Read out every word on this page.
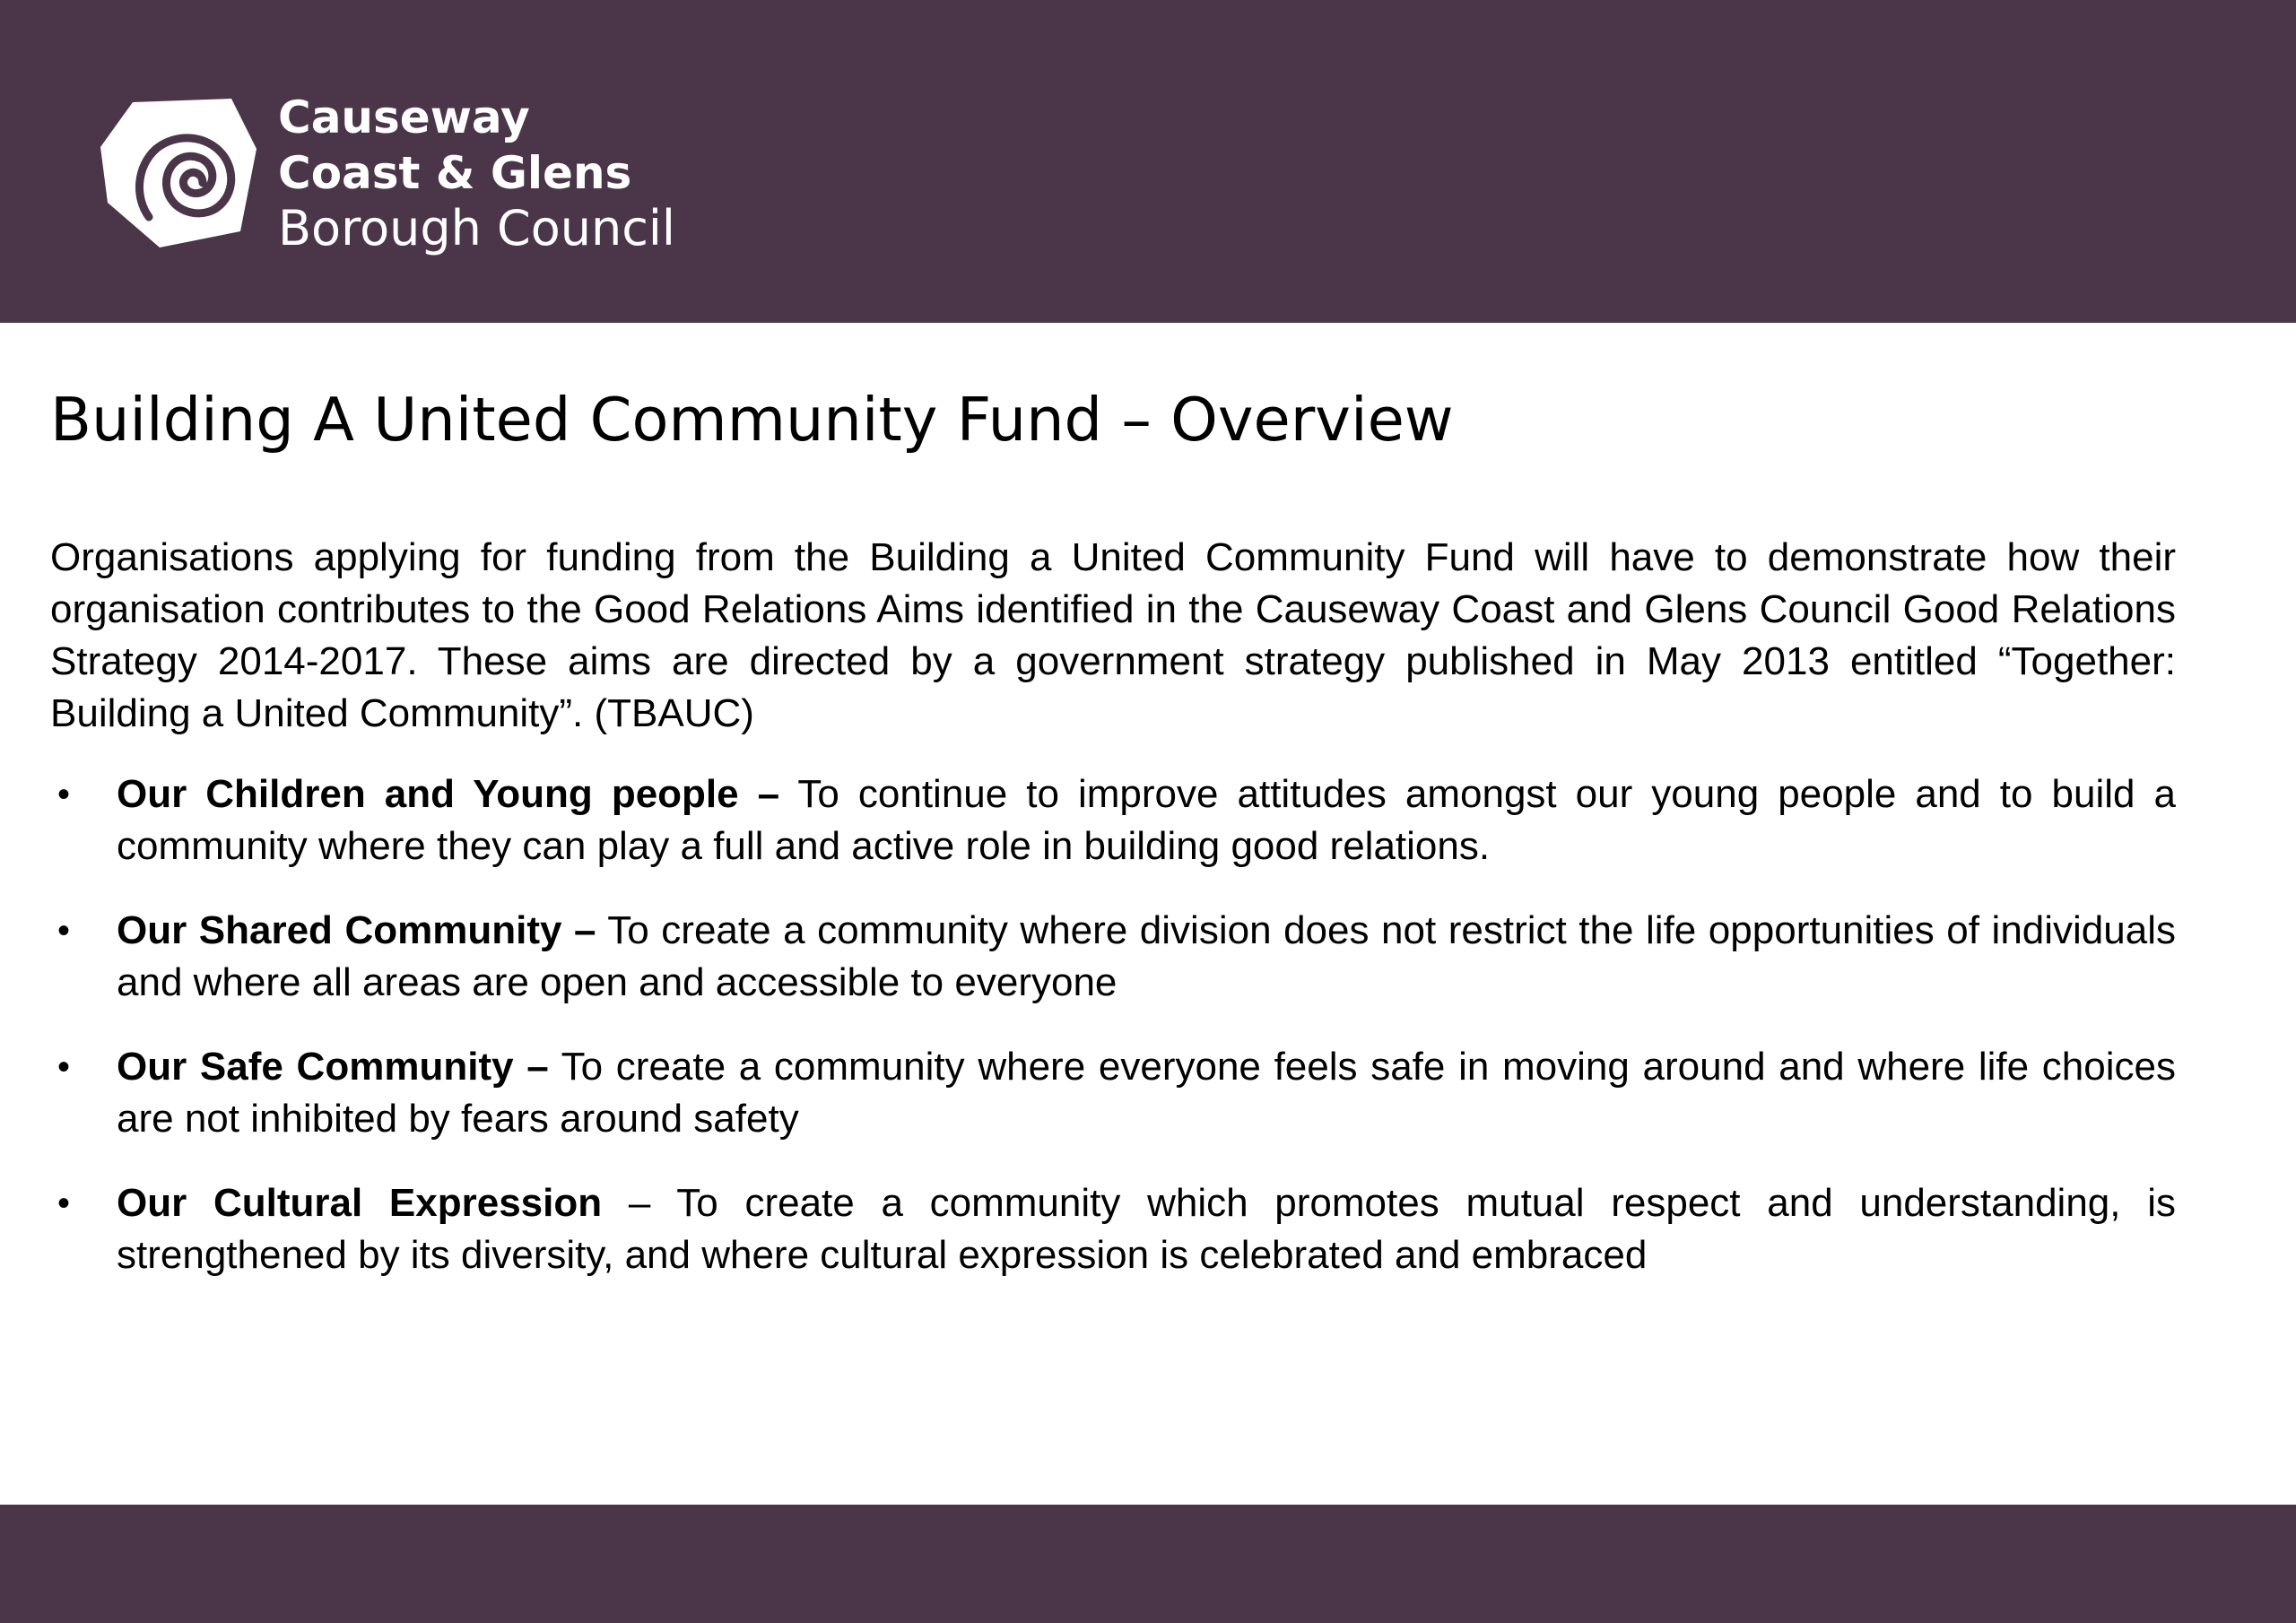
Causeway
Coast & Glens
Borough Council
Building A United Community Fund – Overview

Organisations applying for funding from the Building a United Community Fund will have to demonstrate how their organisation contributes to the Good Relations Aims identified in the Causeway Coast and Glens Council Good Relations Strategy 2014-2017. These aims are directed by a government strategy published in May 2013 entitled “Together: Building a United Community”. (TBAUC)

• Our Children and Young people – To continue to improve attitudes amongst our young people and to build a community where they can play a full and active role in building good relations.
• Our Shared Community – To create a community where division does not restrict the life opportunities of individuals and where all areas are open and accessible to everyone
• Our Safe Community – To create a community where everyone feels safe in moving around and where life choices are not inhibited by fears around safety
• Our Cultural Expression – To create a community which promotes mutual respect and understanding, is strengthened by its diversity, and where cultural expression is celebrated and embraced
